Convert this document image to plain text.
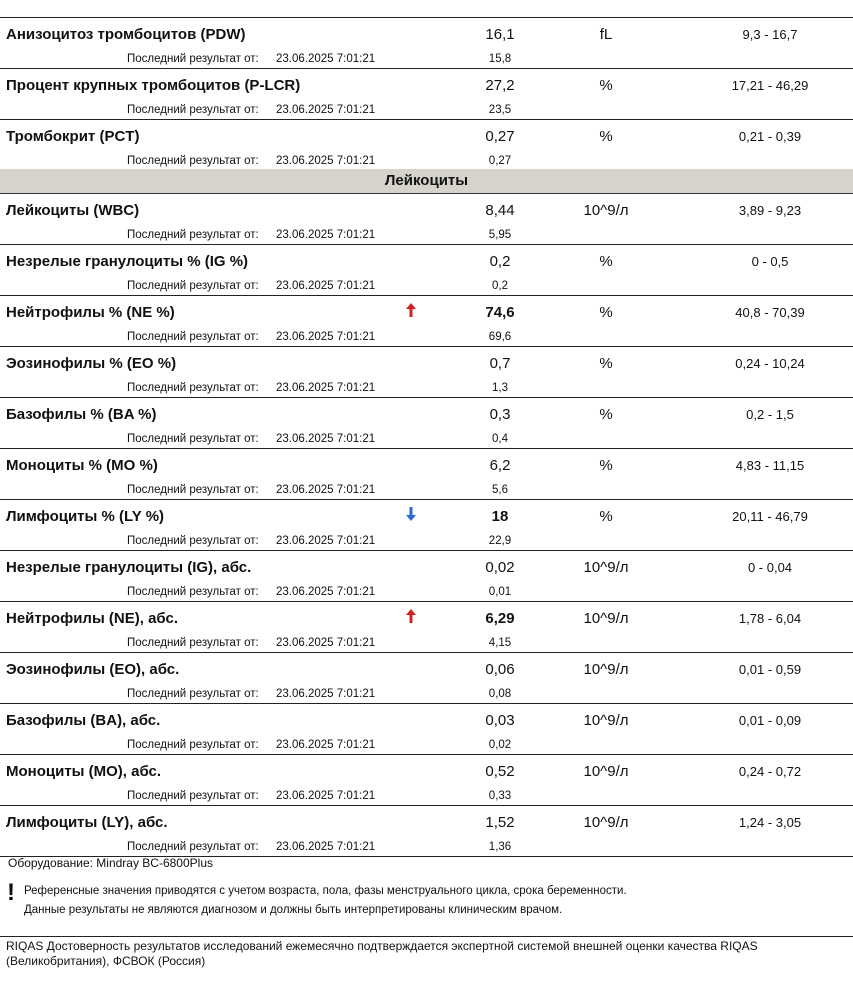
Анизоцитоз тромбоцитов (PDW)	16,1	fL	9,3 - 16,7
Последний результат от: 23.06.2025 7:01:21	15,8
Процент крупных тромбоцитов (P-LCR)	27,2	%	17,21 - 46,29
Последний результат от: 23.06.2025 7:01:21	23,5
Тромбокрит (PCT)	0,27	%	0,21 - 0,39
Последний результат от: 23.06.2025 7:01:21	0,27
Лейкоциты
Лейкоциты (WBC)	8,44	10^9/л	3,89 - 9,23
Последний результат от: 23.06.2025 7:01:21	5,95
Незрелые гранулоциты % (IG %)	0,2	%	0 - 0,5
Последний результат от: 23.06.2025 7:01:21	0,2
Нейтрофилы % (NE %)	74,6	%	40,8 - 70,39
Последний результат от: 23.06.2025 7:01:21	69,6
Эозинофилы % (EO %)	0,7	%	0,24 - 10,24
Последний результат от: 23.06.2025 7:01:21	1,3
Базофилы % (BA %)	0,3	%	0,2 - 1,5
Последний результат от: 23.06.2025 7:01:21	0,4
Моноциты % (MO %)	6,2	%	4,83 - 11,15
Последний результат от: 23.06.2025 7:01:21	5,6
Лимфоциты % (LY %)	18	%	20,11 - 46,79
Последний результат от: 23.06.2025 7:01:21	22,9
Незрелые гранулоциты (IG), абс.	0,02	10^9/л	0 - 0,04
Последний результат от: 23.06.2025 7:01:21	0,01
Нейтрофилы (NE), абс.	6,29	10^9/л	1,78 - 6,04
Последний результат от: 23.06.2025 7:01:21	4,15
Эозинофилы (EO), абс.	0,06	10^9/л	0,01 - 0,59
Последний результат от: 23.06.2025 7:01:21	0,08
Базофилы (BA), абс.	0,03	10^9/л	0,01 - 0,09
Последний результат от: 23.06.2025 7:01:21	0,02
Моноциты (MO), абс.	0,52	10^9/л	0,24 - 0,72
Последний результат от: 23.06.2025 7:01:21	0,33
Лимфоциты (LY), абс.	1,52	10^9/л	1,24 - 3,05
Последний результат от: 23.06.2025 7:01:21	1,36
Оборудование: Mindray BC-6800Plus
! Референсные значения приводятся с учетом возраста, пола, фазы менструального цикла, срока беременности.
Данные результаты не являются диагнозом и должны быть интерпретированы клиническим врачом.
RIQAS Достоверность результатов исследований ежемесячно подтверждается экспертной системой внешней оценки качества RIQAS (Великобритания), ФСВОК (Россия)
